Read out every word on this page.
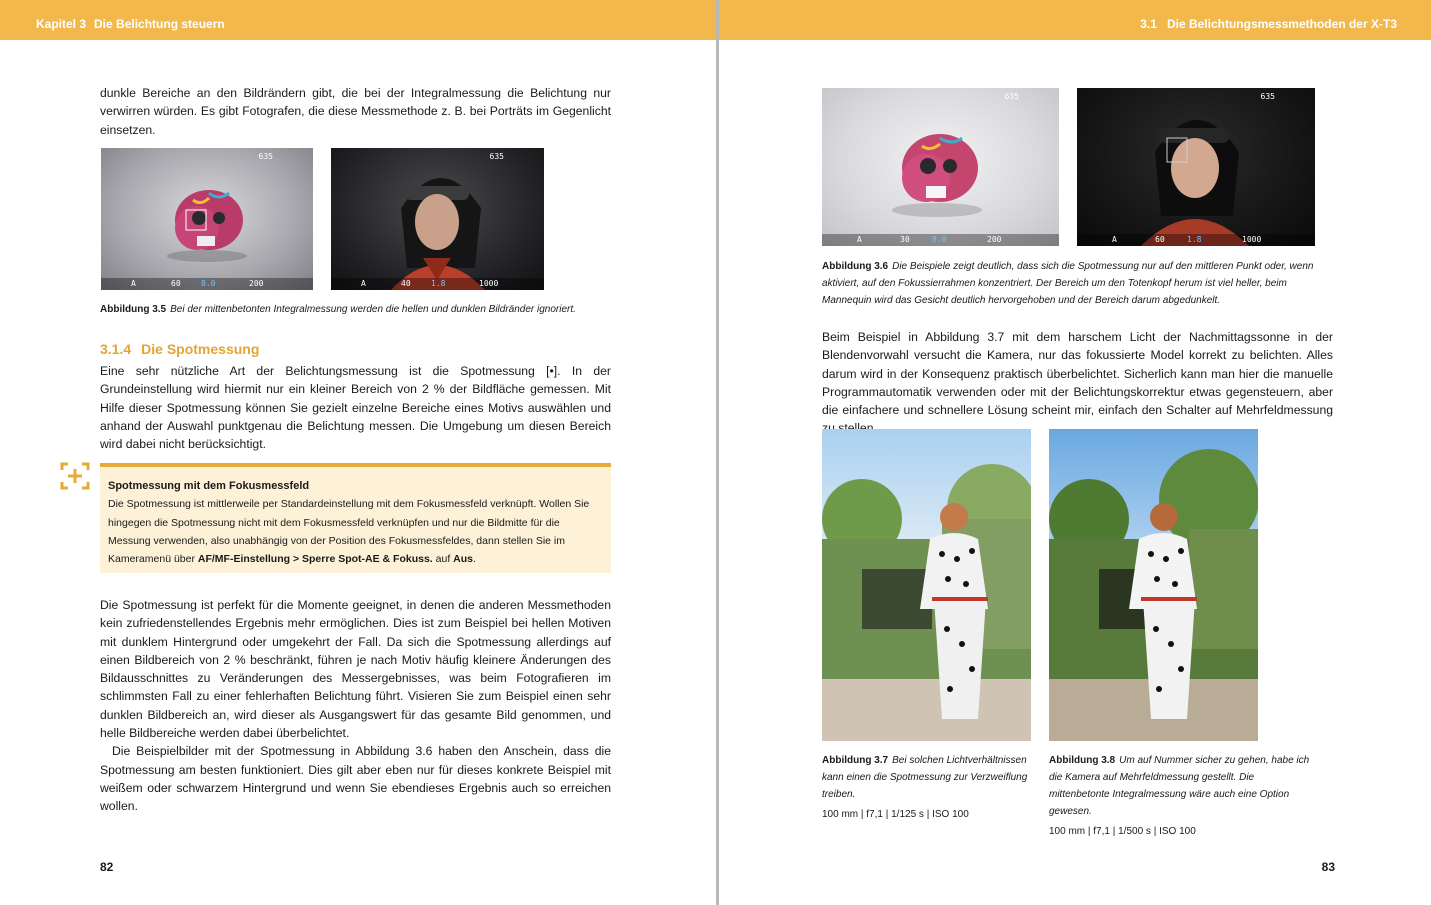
Kapitel 3 Die Belichtung steuern

dunkle Bereiche an den Bildrändern gibt, die bei der Integralmessung die Belichtung nur verwirren würden. Es gibt Fotografen, die diese Messmethode z. B. bei Porträts im Gegenlicht einsetzen.

635
A	60	8.0	200
635
A	40	1.8	1000
Abbildung 3.5 Bei der mittenbetonten Integralmessung werden die hellen und dunklen Bildränder ignoriert.
3.1.4 Die Spotmessung

Eine sehr nützliche Art der Belichtungsmessung ist die Spotmessung [•]. In der Grundeinstellung wird hiermit nur ein kleiner Bereich von 2 % der Bildfläche gemessen. Mit Hilfe dieser Spotmessung können Sie gezielt einzelne Bereiche eines Motivs auswählen und anhand der Auswahl punktgenau die Belichtung messen. Die Umgebung um diesen Bereich wird dabei nicht berücksichtigt.

Spotmessung mit dem Fokusmessfeld
Die Spotmessung ist mittlerweile per Standardeinstellung mit dem Fokusmessfeld verknüpft. Wollen Sie hingegen die Spotmessung nicht mit dem Fokusmessfeld verknüpfen und nur die Bildmitte für die Messung verwenden, also unabhängig von der Position des Fokusmessfeldes, dann stellen Sie im Kameramenü über AF/MF-Einstellung > Sperre Spot-AE & Fokuss. auf Aus.

Die Spotmessung ist perfekt für die Momente geeignet, in denen die anderen Messmethoden kein zufriedenstellendes Ergebnis mehr ermöglichen. Dies ist zum Beispiel bei hellen Motiven mit dunklem Hintergrund oder umgekehrt der Fall. Da sich die Spotmessung allerdings auf einen Bildbereich von 2 % beschränkt, führen je nach Motiv häufig kleinere Änderungen des Bildausschnittes zu Veränderungen des Messergebnisses, was beim Fotografieren im schlimmsten Fall zu einer fehlerhaften Belichtung führt. Visieren Sie zum Beispiel einen sehr dunklen Bildbereich an, wird dieser als Ausgangswert für das gesamte Bild genommen, und helle Bildbereiche werden dabei überbelichtet.

Die Beispielbilder mit der Spotmessung in Abbildung 3.6 haben den Anschein, dass die Spotmessung am besten funktioniert. Dies gilt aber eben nur für dieses konkrete Beispiel mit weißem oder schwarzem Hintergrund und wenn Sie ebendieses Ergebnis auch so erreichen wollen.

82
3.1 Die Belichtungsmessmethoden der X-T3
635
A	30	8.0	200
635
A	60	1.8	1000
Abbildung 3.6 Die Beispiele zeigt deutlich, dass sich die Spotmessung nur auf den mittleren Punkt oder, wenn aktiviert, auf den Fokussierrahmen konzentriert. Der Bereich um den Totenkopf herum ist viel heller, beim Mannequin wird das Gesicht deutlich hervorgehoben und der Bereich darum abgedunkelt.

Beim Beispiel in Abbildung 3.7 mit dem harschem Licht der Nachmittagssonne in der Blendenvorwahl versucht die Kamera, nur das fokussierte Model korrekt zu belichten. Alles darum wird in der Konsequenz praktisch überbelichtet. Sicherlich kann man hier die manuelle Programmautomatik verwenden oder mit der Belichtungskorrektur etwas gegensteuern, aber die einfachere und schnellere Lösung scheint mir, einfach den Schalter auf Mehrfeldmessung

Abbildung 3.7 Bei solchen Lichtverhältnissen kann einen die Spotmessung zur Verzweiflung treiben.
100 mm | f7,1 | 1/125 s | ISO 100
Abbildung 3.8 Um auf Nummer sicher zu gehen, habe ich die Kamera auf Mehrfeldmessung gestellt. Die mittenbetonte Integralmessung wäre auch eine Option gewesen.
100 mm | f7,1 | 1/500 s | ISO 100
83
